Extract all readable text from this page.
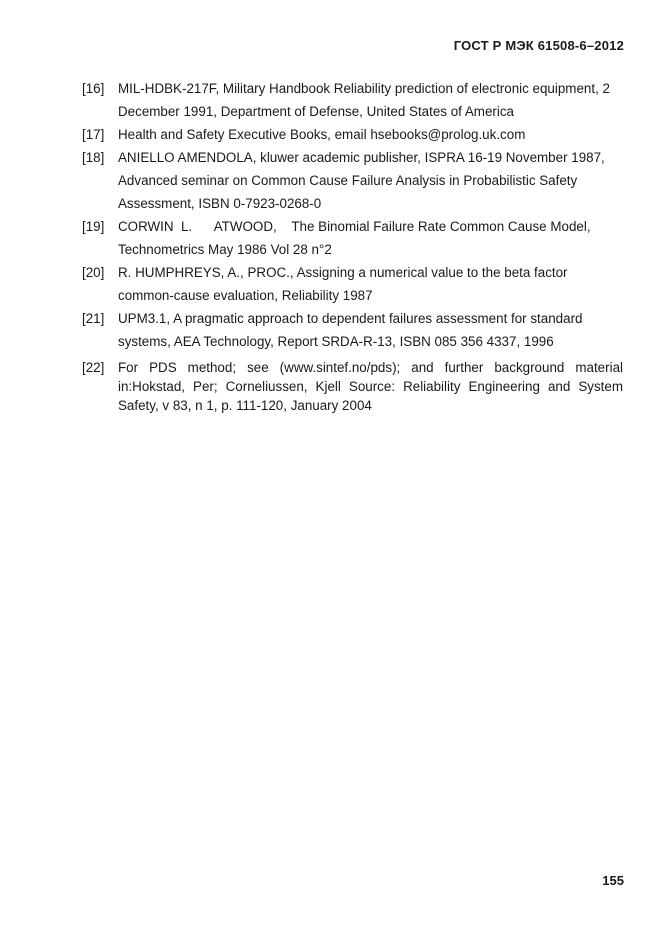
ГОСТ Р МЭК 61508-6–2012
[16]	MIL-HDBK-217F, Military Handbook Reliability prediction of electronic equipment, 2 December 1991, Department of Defense, United States of America
[17]	Health and Safety Executive Books, email hsebooks@prolog.uk.com
[18]	ANIELLO AMENDOLA, kluwer academic publisher, ISPRA 16-19 November 1987, Advanced seminar on Common Cause Failure Analysis in Probabilistic Safety Assessment, ISBN 0-7923-0268-0
[19]	CORWIN  L.      ATWOOD,    The Binomial Failure Rate Common Cause Model, Technometrics May 1986 Vol 28 n°2
[20]	R. HUMPHREYS, A., PROC., Assigning a numerical value to the beta factor common-cause evaluation, Reliability 1987
[21]	UPM3.1, A pragmatic approach to dependent failures assessment for standard systems, AEA Technology, Report SRDA-R-13, ISBN 085 356 4337, 1996
[22]	For PDS method; see (www.sintef.no/pds); and further background material in:Hokstad, Per; Corneliussen, Kjell Source: Reliability Engineering and System Safety, v 83, n 1, p. 111-120, January 2004
155
